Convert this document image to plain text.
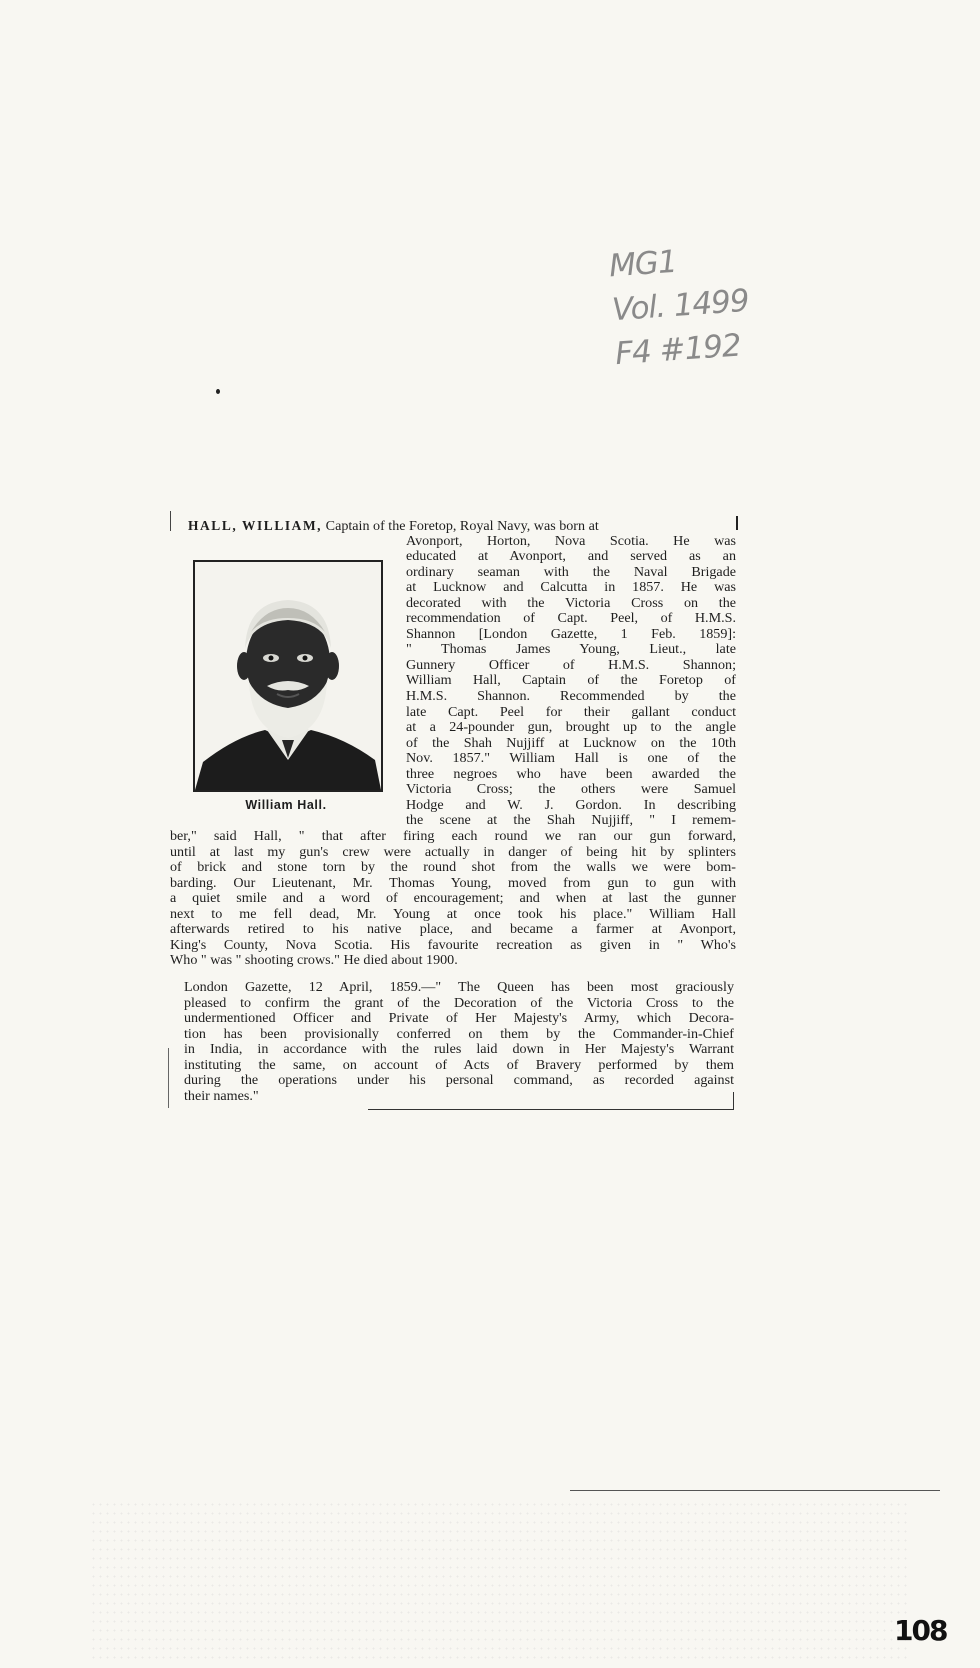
MG1
Vol. 1499
F4 #192
HALL, WILLIAM, Captain of the Foretop, Royal Navy, was born at
William Hall.
Avonport, Horton, Nova Scotia. He was
educated at Avonport, and served as an
ordinary seaman with the Naval Brigade
at Lucknow and Calcutta in 1857. He was
decorated with the Victoria Cross on the
recommendation of Capt. Peel, of H.M.S.
Shannon [London Gazette, 1 Feb. 1859]:
" Thomas James Young, Lieut., late
Gunnery Officer of H.M.S. Shannon;
William Hall, Captain of the Foretop of
H.M.S. Shannon. Recommended by the
late Capt. Peel for their gallant conduct
at a 24-pounder gun, brought up to the angle
of the Shah Nujjiff at Lucknow on the 10th
Nov. 1857." William Hall is one of the
three negroes who have been awarded the
Victoria Cross; the others were Samuel
Hodge and W. J. Gordon. In describing
the scene at the Shah Nujjiff, " I remem-
ber," said Hall, " that after firing each round we ran our gun forward,
until at last my gun's crew were actually in danger of being hit by splinters
of brick and stone torn by the round shot from the walls we were bom-
barding. Our Lieutenant, Mr. Thomas Young, moved from gun to gun with
a quiet smile and a word of encouragement; and when at last the gunner
next to me fell dead, Mr. Young at once took his place." William Hall
afterwards retired to his native place, and became a farmer at Avonport,
King's County, Nova Scotia. His favourite recreation as given in " Who's
Who " was " shooting crows." He died about 1900.
London Gazette, 12 April, 1859.—" The Queen has been most graciously
pleased to confirm the grant of the Decoration of the Victoria Cross to the
undermentioned Officer and Private of Her Majesty's Army, which Decora-
tion has been provisionally conferred on them by the Commander-in-Chief
in India, in accordance with the rules laid down in Her Majesty's Warrant
instituting the same, on account of Acts of Bravery performed by them
during the operations under his personal command, as recorded against
their names."
108
